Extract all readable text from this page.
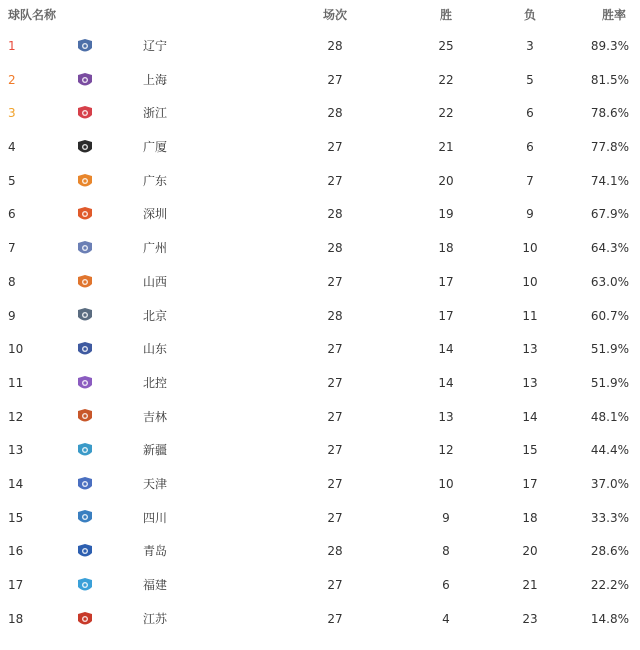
球队名称	场次	胜	负	胜率
1	辽宁	28	25	3	89.3%
2	上海	27	22	5	81.5%
3	浙江	28	22	6	78.6%
4	广厦	27	21	6	77.8%
5	广东	27	20	7	74.1%
6	深圳	28	19	9	67.9%
7	广州	28	18	10	64.3%
8	山西	27	17	10	63.0%
9	北京	28	17	11	60.7%
10	山东	27	14	13	51.9%
11	北控	27	14	13	51.9%
12	吉林	27	13	14	48.1%
13	新疆	27	12	15	44.4%
14	天津	27	10	17	37.0%
15	四川	27	9	18	33.3%
16	青岛	28	8	20	28.6%
17	福建	27	6	21	22.2%
18	江苏	27	4	23	14.8%
